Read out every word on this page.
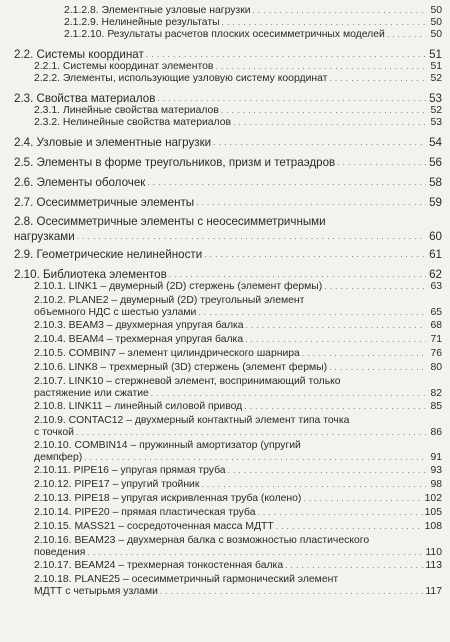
2.1.2.8. Элементные узловые нагрузки . . .	50
2.1.2.9. Нелинейные результаты . . .	50
2.1.2.10. Результаты расчетов плоских осесимметричных моделей . . .	50
2.2. Системы координат . . .	51
2.2.1. Системы координат элементов . . .	51
2.2.2. Элементы, использующие узловую систему координат . . .	52
2.3. Свойства материалов . . .	53
2.3.1. Линейные свойства материалов . . .	52
2.3.2. Нелинейные свойства материалов . . .	53
2.4. Узловые и элементные нагрузки . . .	54
2.5. Элементы в форме треугольников, призм и тетраэдров . . .	56
2.6. Элементы оболочек . . .	58
2.7. Осесимметричные элементы . . .	59
2.8. Осесимметричные элементы с неосесимметричными
нагрузками . . .	60
2.9. Геометрические нелинейности . . .	61
2.10. Библиотека элементов . . .	62
2.10.1. LINK1 – двумерный (2D) стержень (элемент фермы) . . .	63
2.10.2. PLANE2 – двумерный (2D) треугольный элемент
объемного НДС с шестью узлами . . .	65
2.10.3. BEAM3 – двухмерная упругая балка . . .	68
2.10.4. BEAM4 – трехмерная упругая балка . . .	71
2.10.5. COMBIN7 – элемент цилиндрического шарнира . . .	76
2.10.6. LINK8 – трехмерный (3D) стержень (элемент фермы) . . .	80
2.10.7. LINK10 – стержневой элемент, воспринимающий только
растяжение или сжатие . . .	82
2.10.8. LINK11 – линейный силовой привод . . .	85
2.10.9. CONTAC12 – двухмерный контактный элемент типа точка
с точкой . . .	86
2.10.10. COMBIN14 – пружинный амортизатор (упругий
демпфер) . . .	91
2.10.11. PIPE16 – упругая прямая труба . . .	93
2.10.12. PIPE17 – упругий тройник . . .	98
2.10.13. PIPE18 – упругая искривленная труба (колено) . . .	102
2.10.14. PIPE20 – прямая пластическая труба . . .	105
2.10.15. MASS21 – сосредоточенная масса МДТТ . . .	108
2.10.16. BEAM23 – двухмерная балка с возможностью пластического
поведения . . .	110
2.10.17. BEAM24 – трехмерная тонкостенная балка . . .	113
2.10.18. PLANE25 – осесимметричный гармонический элемент
МДТТ с четырьмя узлами . . .	117
